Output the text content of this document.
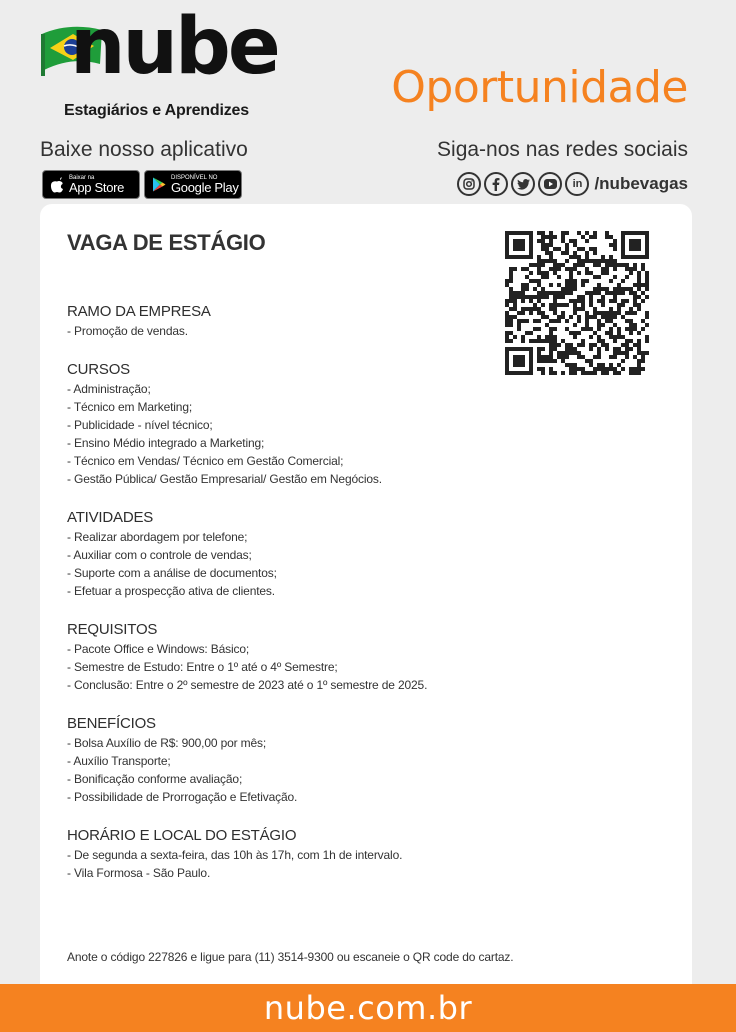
nube
Estagiários e Aprendizes	Oportunidade
Baixe nosso aplicativo
Baixar na
App Store
DISPONÍVEL NO
Google Play
Siga-nos nas redes sociais
in /nubevagas
VAGA DE ESTÁGIO
RAMO DA EMPRESA
- Promoção de vendas.
CURSOS
- Administração;
- Técnico em Marketing;
- Publicidade - nível técnico;
- Ensino Médio integrado a Marketing;
- Técnico em Vendas/ Técnico em Gestão Comercial;
- Gestão Pública/ Gestão Empresarial/ Gestão em Negócios.
ATIVIDADES
- Realizar abordagem por telefone;
- Auxiliar com o controle de vendas;
- Suporte com a análise de documentos;
- Efetuar a prospecção ativa de clientes.
REQUISITOS
- Pacote Office e Windows: Básico;
- Semestre de Estudo: Entre o 1º até o 4º Semestre;
- Conclusão: Entre o 2º semestre de 2023 até o 1º semestre de 2025.
BENEFÍCIOS
- Bolsa Auxílio de R$: 900,00 por mês;
- Auxílio Transporte;
- Bonificação conforme avaliação;
- Possibilidade de Prorrogação e Efetivação.
HORÁRIO E LOCAL DO ESTÁGIO
- De segunda a sexta-feira, das 10h às 17h, com 1h de intervalo.
- Vila Formosa - São Paulo.
Anote o código 227826 e ligue para (11) 3514-9300 ou escaneie o QR code do cartaz.
nube.com.br
